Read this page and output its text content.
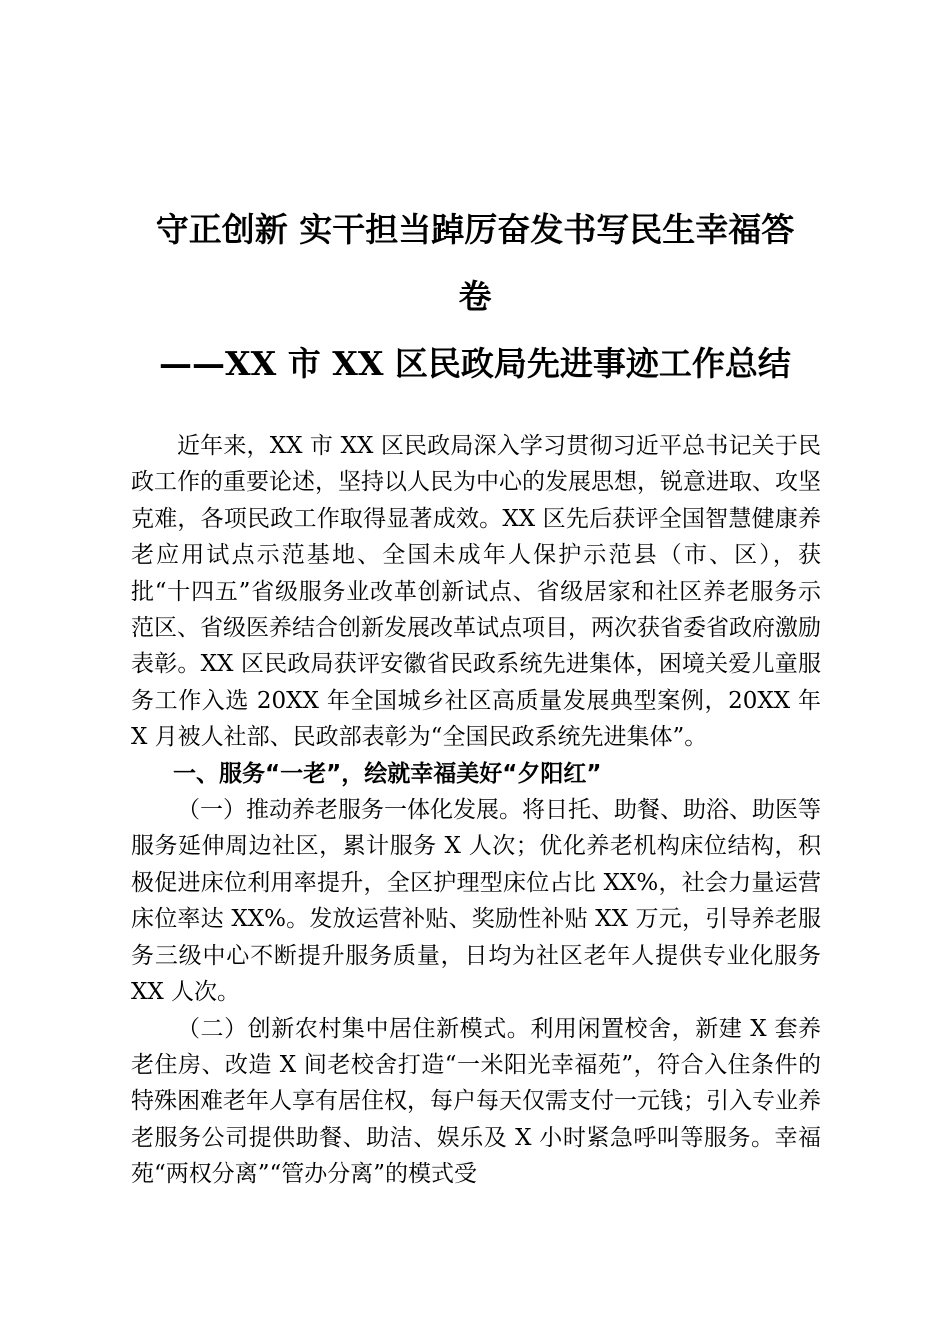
守正创新 实干担当踔厉奋发书写民生幸福答
卷
——XX 市 XX 区民政局先进事迹工作总结

近年来，XX 市 XX 区民政局深入学习贯彻习近平总书记关于民政工作的重要论述，坚持以人民为中心的发展思想，锐意进取、攻坚克难，各项民政工作取得显著成效。XX 区先后获评全国智慧健康养老应用试点示范基地、全国未成年人保护示范县（市、区），获批“十四五”省级服务业改革创新试点、省级居家和社区养老服务示范区、省级医养结合创新发展改革试点项目，两次获省委省政府激励表彰。XX 区民政局获评安徽省民政系统先进集体，困境关爱儿童服务工作入选 20XX 年全国城乡社区高质量发展典型案例，20XX 年 X 月被人社部、民政部表彰为“全国民政系统先进集体”。

一、服务“一老”，绘就幸福美好“夕阳红”

（一）推动养老服务一体化发展。将日托、助餐、助浴、助医等服务延伸周边社区，累计服务 X 人次；优化养老机构床位结构，积极促进床位利用率提升，全区护理型床位占比 XX%，社会力量运营床位率达 XX%。发放运营补贴、奖励性补贴 XX 万元，引导养老服务三级中心不断提升服务质量，日均为社区老年人提供专业化服务 XX 人次。

（二）创新农村集中居住新模式。利用闲置校舍，新建 X 套养老住房、改造 X 间老校舍打造“一米阳光幸福苑”，符合入住条件的特殊困难老年人享有居住权，每户每天仅需支付一元钱；引入专业养老服务公司提供助餐、助洁、娱乐及 X 小时紧急呼叫等服务。幸福苑“两权分离”“管办分离”的模式受
